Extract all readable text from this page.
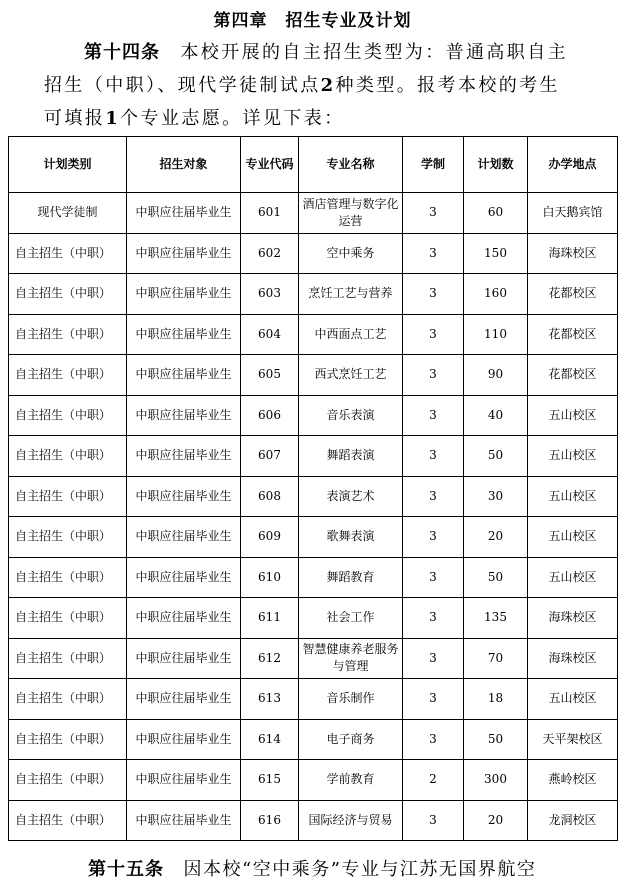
第四章　招生专业及计划

第十四条　 本校开展的自主招生类型为：普通高职自主

招生（中职）、现代学徒制试点2种类型。报考本校的考生

可填报1个专业志愿。详见下表：

计划类别	招生对象	专业代码	专业名称	学制	计划数	办学地点
现代学徒制	中职应往届毕业生	601	酒店管理与数字化运营	3	60	白天鹅宾馆
自主招生（中职）	中职应往届毕业生	602	空中乘务	3	150	海珠校区
自主招生（中职）	中职应往届毕业生	603	烹饪工艺与营养	3	160	花都校区
自主招生（中职）	中职应往届毕业生	604	中西面点工艺	3	110	花都校区
自主招生（中职）	中职应往届毕业生	605	西式烹饪工艺	3	90	花都校区
自主招生（中职）	中职应往届毕业生	606	音乐表演	3	40	五山校区
自主招生（中职）	中职应往届毕业生	607	舞蹈表演	3	50	五山校区
自主招生（中职）	中职应往届毕业生	608	表演艺术	3	30	五山校区
自主招生（中职）	中职应往届毕业生	609	歌舞表演	3	20	五山校区
自主招生（中职）	中职应往届毕业生	610	舞蹈教育	3	50	五山校区
自主招生（中职）	中职应往届毕业生	611	社会工作	3	135	海珠校区
自主招生（中职）	中职应往届毕业生	612	智慧健康养老服务与管理	3	70	海珠校区
自主招生（中职）	中职应往届毕业生	613	音乐制作	3	18	五山校区
自主招生（中职）	中职应往届毕业生	614	电子商务	3	50	天平架校区
自主招生（中职）	中职应往届毕业生	615	学前教育	2	300	燕岭校区
自主招生（中职）	中职应往届毕业生	616	国际经济与贸易	3	20	龙洞校区
第十五条　 因本校“空中乘务”专业与江苏无国界航空
